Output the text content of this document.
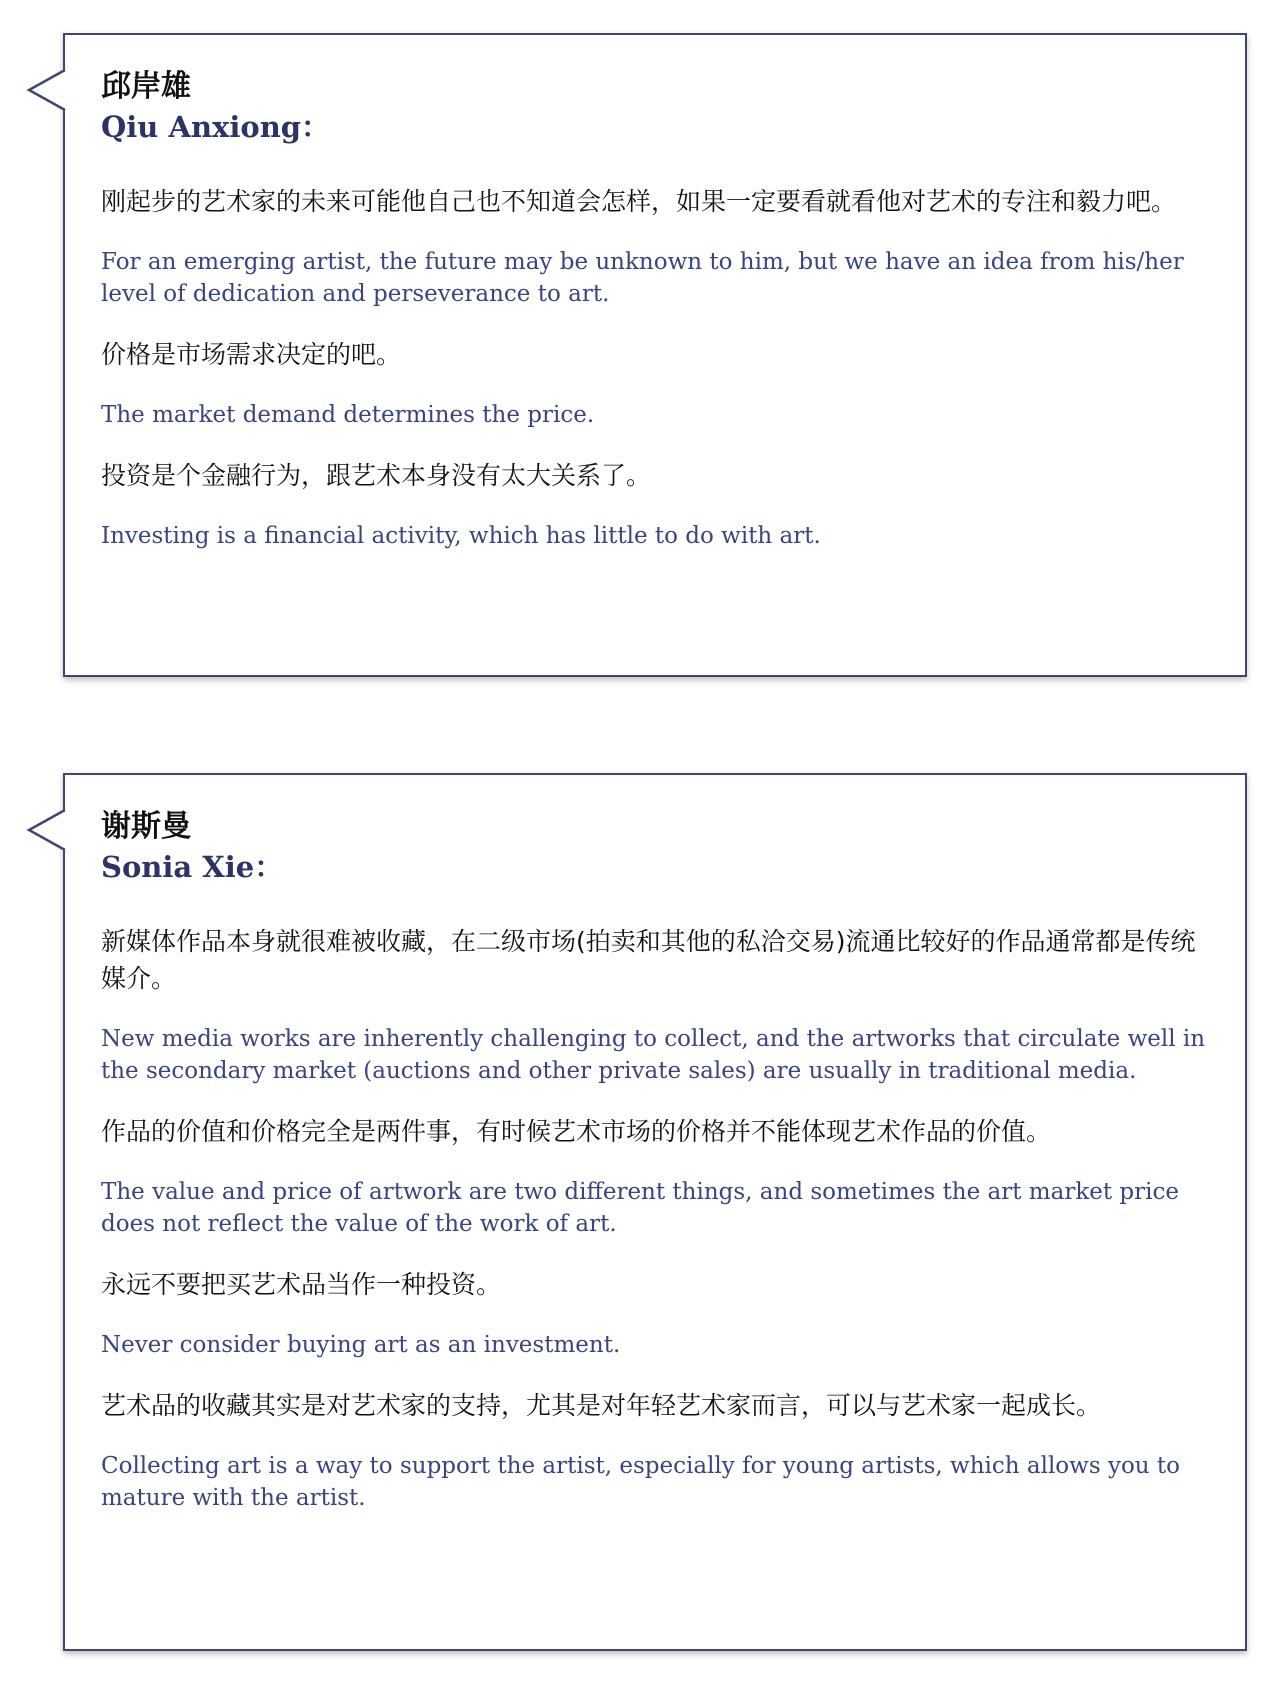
邱岸雄
Qiu Anxiong：

刚起步的艺术家的未来可能他自己也不知道会怎样，如果一定要看就看他对艺术的专注和毅力吧。

For an emerging artist, the future may be unknown to him, but we have an idea from his/her level of dedication and perseverance to art.

价格是市场需求决定的吧。

The market demand determines the price.

投资是个金融行为，跟艺术本身没有太大关系了。

Investing is a financial activity, which has little to do with art.

谢斯曼
Sonia Xie：

新媒体作品本身就很难被收藏，在二级市场(拍卖和其他的私洽交易)流通比较好的作品通常都是传统媒介。

New media works are inherently challenging to collect, and the artworks that circulate well in the secondary market (auctions and other private sales) are usually in traditional media.

作品的价值和价格完全是两件事，有时候艺术市场的价格并不能体现艺术作品的价值。

The value and price of artwork are two different things, and sometimes the art market price does not reflect the value of the work of art.

永远不要把买艺术品当作一种投资。

Never consider buying art as an investment.

艺术品的收藏其实是对艺术家的支持，尤其是对年轻艺术家而言，可以与艺术家一起成长。

Collecting art is a way to support the artist, especially for young artists, which allows you to mature with the artist.
